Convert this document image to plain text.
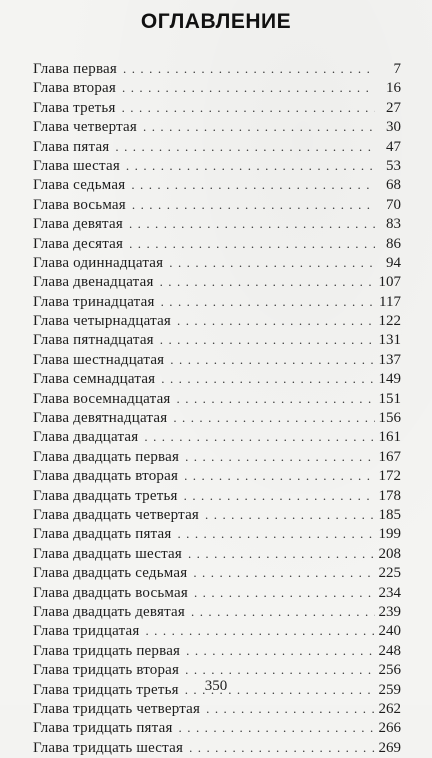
ОГЛАВЛЕНИЕ
Глава первая . . .	7
Глава вторая . . .	16
Глава третья . . .	27
Глава четвертая . . .	30
Глава пятая . . .	47
Глава шестая . . .	53
Глава седьмая . . .	68
Глава восьмая . . .	70
Глава девятая . . .	83
Глава десятая . . .	86
Глава одиннадцатая . . .	94
Глава двенадцатая . . .	107
Глава тринадцатая . . .	117
Глава четырнадцатая . . .	122
Глава пятнадцатая . . .	131
Глава шестнадцатая . . .	137
Глава семнадцатая . . .	149
Глава восемнадцатая . . .	151
Глава девятнадцатая . . .	156
Глава двадцатая . . .	161
Глава двадцать первая . . .	167
Глава двадцать вторая . . .	172
Глава двадцать третья . . .	178
Глава двадцать четвертая . . .	185
Глава двадцать пятая . . .	199
Глава двадцать шестая . . .	208
Глава двадцать седьмая . . .	225
Глава двадцать восьмая . . .	234
Глава двадцать девятая . . .	239
Глава тридцатая . . .	240
Глава тридцать первая . . .	248
Глава тридцать вторая . . .	256
Глава тридцать третья . . .	259
Глава тридцать четвертая . . .	262
Глава тридцать пятая . . .	266
Глава тридцать шестая . . .	269
350
